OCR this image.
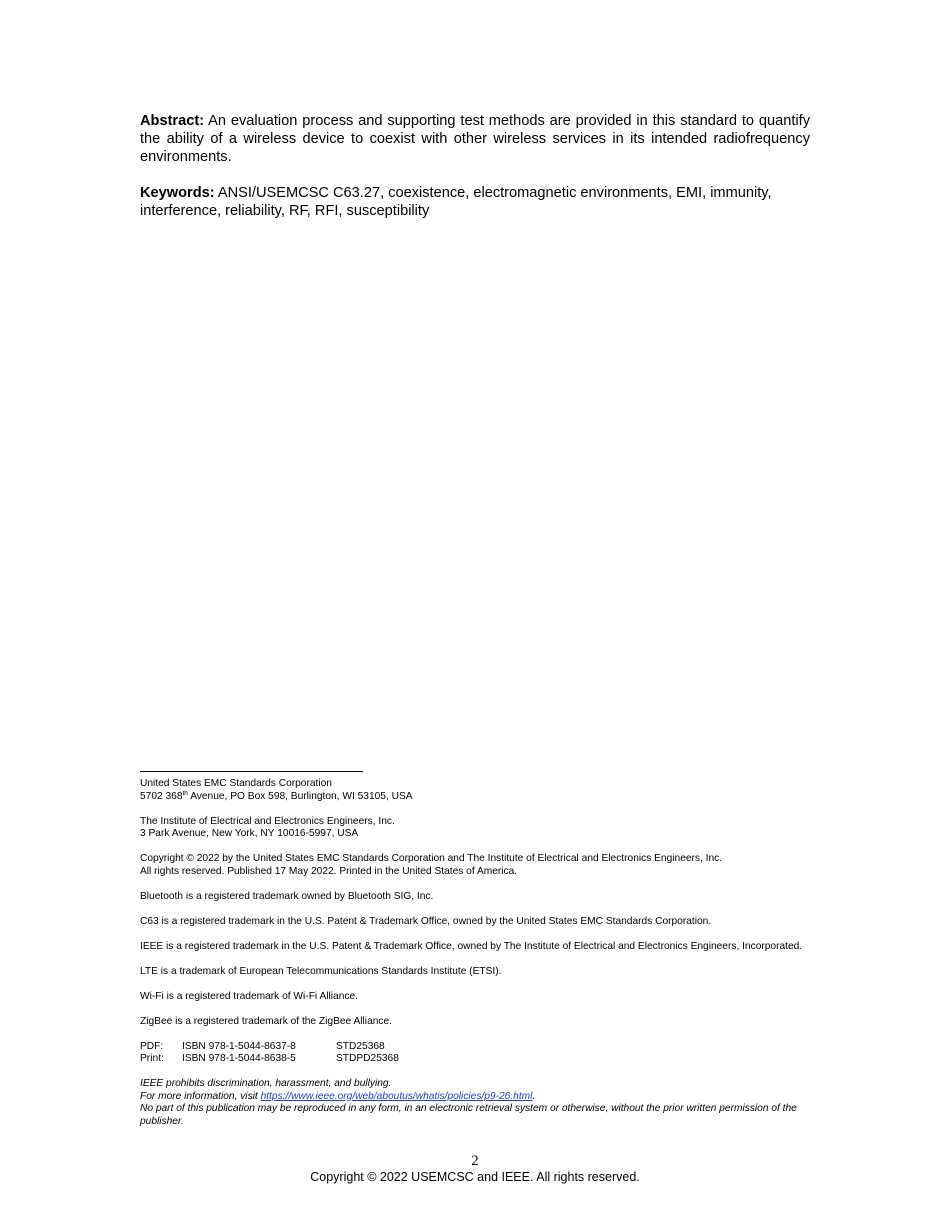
Abstract: An evaluation process and supporting test methods are provided in this standard to quantify the ability of a wireless device to coexist with other wireless services in its intended radiofrequency environments.

Keywords: ANSI/USEMCSC C63.27, coexistence, electromagnetic environments, EMI, immunity, interference, reliability, RF, RFI, susceptibility

United States EMC Standards Corporation
5702 368th Avenue, PO Box 598, Burlington, WI 53105, USA
The Institute of Electrical and Electronics Engineers, Inc.
3 Park Avenue, New York, NY 10016-5997, USA
Copyright © 2022 by the United States EMC Standards Corporation and The Institute of Electrical and Electronics Engineers, Inc.
All rights reserved. Published 17 May 2022. Printed in the United States of America.
Bluetooth is a registered trademark owned by Bluetooth SIG, Inc.
C63 is a registered trademark in the U.S. Patent & Trademark Office, owned by the United States EMC Standards Corporation.
IEEE is a registered trademark in the U.S. Patent & Trademark Office, owned by The Institute of Electrical and Electronics Engineers, Incorporated.
LTE is a trademark of European Telecommunications Standards Institute (ETSI).
Wi-Fi is a registered trademark of Wi-Fi Alliance.
ZigBee is a registered trademark of the ZigBee Alliance.
PDF:	ISBN 978-1-5044-8637-8	STD25368
Print:	ISBN 978-1-5044-8638-5	STDPD25368
IEEE prohibits discrimination, harassment, and bullying.
For more information, visit https://www.ieee.org/web/aboutus/whatis/policies/p9-26.html.
No part of this publication may be reproduced in any form, in an electronic retrieval system or otherwise, without the prior written permission of the publisher.
2
Copyright © 2022 USEMCSC and IEEE. All rights reserved.
